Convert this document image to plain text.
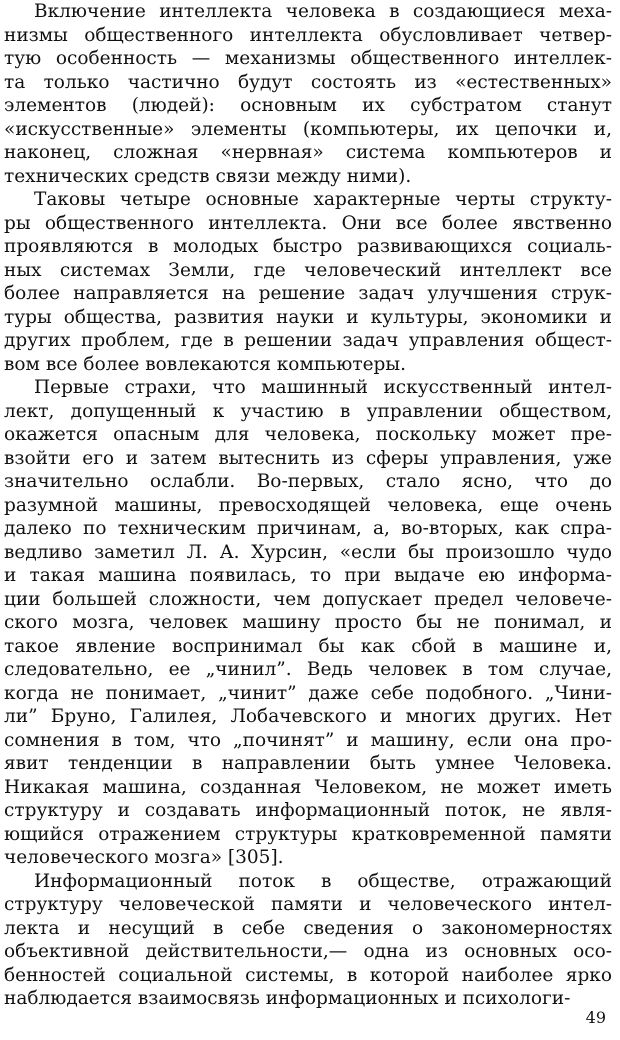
Включение интеллекта человека в создающиеся меха-
низмы общественного интеллекта обусловливает четвер-
тую особенность — механизмы общественного интеллек-
та только частично будут состоять из «естественных»
элементов (людей): основным их субстратом станут
«искусственные» элементы (компьютеры, их цепочки и,
наконец, сложная «нервная» система компьютеров и
технических средств связи между ними).
Таковы четыре основные характерные черты структу-
ры общественного интеллекта. Они все более явственно
проявляются в молодых быстро развивающихся социаль-
ных системах Земли, где человеческий интеллект все
более направляется на решение задач улучшения струк-
туры общества, развития науки и культуры, экономики и
других проблем, где в решении задач управления общест-
вом все более вовлекаются компьютеры.
Первые страхи, что машинный искусственный интел-
лект, допущенный к участию в управлении обществом,
окажется опасным для человека, поскольку может пре-
взойти его и затем вытеснить из сферы управления, уже
значительно ослабли. Во-первых, стало ясно, что до
разумной машины, превосходящей человека, еще очень
далеко по техническим причинам, а, во-вторых, как спра-
ведливо заметил Л. А. Хурсин, «если бы произошло чудо
и такая машина появилась, то при выдаче ею информа-
ции большей сложности, чем допускает предел человече-
ского мозга, человек машину просто бы не понимал, и
такое явление воспринимал бы как сбой в машине и,
следовательно, ее „чинил”. Ведь человек в том случае,
когда не понимает, „чинит” даже себе подобного. „Чини-
ли” Бруно, Галилея, Лобачевского и многих других. Нет
сомнения в том, что „починят” и машину, если она про-
явит тенденции в направлении быть умнее Человека.
Никакая машина, созданная Человеком, не может иметь
структуру и создавать информационный поток, не явля-
ющийся отражением структуры кратковременной памяти
человеческого мозга» [305].
Информационный поток в обществе, отражающий
структуру человеческой памяти и человеческого интел-
лекта и несущий в себе сведения о закономерностях
объективной действительности,— одна из основных осо-
бенностей социальной системы, в которой наиболее ярко
наблюдается взаимосвязь информационных и психологи-
49
